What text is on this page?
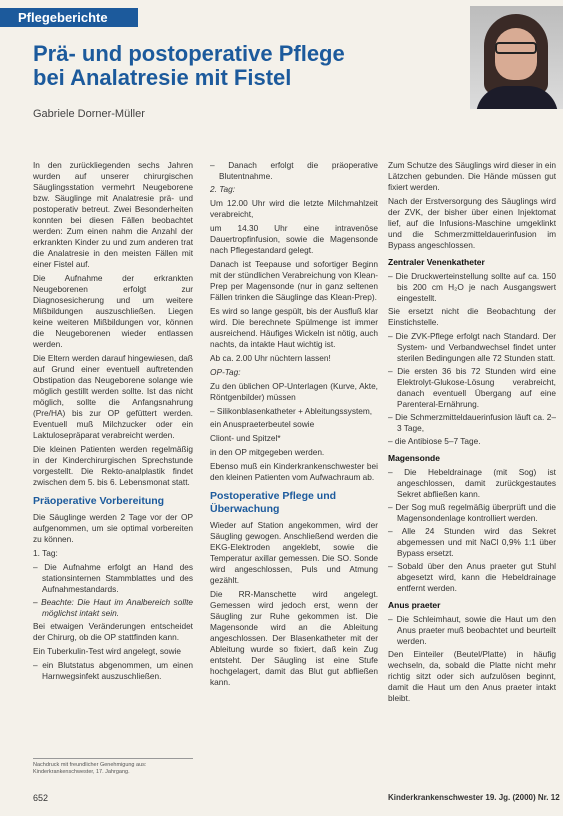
Pflegeberichte
Prä- und postoperative Pflege
bei Analatresie mit Fistel
Gabriele Dorner-Müller

In den zurückliegenden sechs Jahren wurden auf unserer chirurgischen Säuglingsstation vermehrt Neugeborene bzw. Säuglinge mit Analatresie prä- und postoperativ betreut. Zwei Besonderheiten konnten bei diesen Fällen beobachtet werden: Zum einen nahm die Anzahl der erkrankten Kinder zu und zum anderen trat die Analatresie in den meisten Fällen mit einer Fistel auf.

Die Aufnahme der erkrankten Neugeborenen erfolgt zur Diagnosesicherung und um weitere Mißbildungen auszuschließen. Liegen keine weiteren Mißbildungen vor, können die Neugeborenen wieder entlassen werden.

Die Eltern werden darauf hingewiesen, daß auf Grund einer eventuell auftretenden Obstipation das Neugeborene solange wie möglich gestillt werden sollte. Ist das nicht möglich, sollte die Anfangsnahrung (Pre/HA) bis zur OP gefüttert werden. Eventuell muß Milchzucker oder ein Laktulosepräparat verabreicht werden.

Die kleinen Patienten werden regelmäßig in der Kinderchirurgischen Sprechstunde vorgestellt. Die Rekto-analplastik findet zwischen dem 5. bis 6. Lebensmonat statt.

Präoperative Vorbereitung

Die Säuglinge werden 2 Tage vor der OP aufgenommen, um sie optimal vorbereiten zu können.

1. Tag:

– Die Aufnahme erfolgt an Hand des stationsinternen Stammblattes und des Aufnahmestandards.

– Beachte: Die Haut im Analbereich sollte möglichst intakt sein.

Bei etwaigen Veränderungen entscheidet der Chirurg, ob die OP stattfinden kann.

Ein Tuberkulin-Test wird angelegt, sowie

– ein Blutstatus abgenommen, um einen Harnwegsinfekt auszuschließen.

Nachdruck mit freundlicher Genehmigung aus: Kinderkrankenschwester, 17. Jahrgang.

– Danach erfolgt die präoperative Blutentnahme.

2. Tag:

Um 12.00 Uhr wird die letzte Milchmahlzeit verabreicht,

um 14.30 Uhr eine intravenöse Dauertropfinfusion, sowie die Magensonde nach Pflegestandard gelegt.

Danach ist Teepause und sofortiger Beginn mit der stündlichen Verabreichung von Klean-Prep per Magensonde (nur in ganz seltenen Fällen trinken die Säuglinge das Klean-Prep).

Es wird so lange gespült, bis der Ausfluß klar wird. Die berechnete Spülmenge ist immer ausreichend. Häufiges Wickeln ist nötig, auch nachts, da intakte Haut wichtig ist.

Ab ca. 2.00 Uhr nüchtern lassen!

OP-Tag:

Zu den üblichen OP-Unterlagen (Kurve, Akte, Röntgenbilder) müssen

– Silikonblasenkatheter + Ableitungssystem,

ein Anuspraeterbeutel sowie

Cliont- und Spitzel*

in den OP mitgegeben werden.

Ebenso muß ein Kinderkrankenschwester bei den kleinen Patienten vom Aufwachraum ab.

Postoperative Pflege und Überwachung

Wieder auf Station angekommen, wird der Säugling gewogen. Anschließend werden die EKG-Elektroden angeklebt, sowie die Temperatur axillar gemessen. Die SO. Sonde wird angeschlossen, Puls und Atmung gezählt.

Die RR-Manschette wird angelegt. Gemessen wird jedoch erst, wenn der Säugling zur Ruhe gekommen ist. Die Magensonde wird an die Ableitung angeschlossen. Der Blasenkatheter mit der Ableitung wurde so fixiert, daß kein Zug entsteht. Der Säugling ist eine Stufe hochgelagert, damit das Blut gut abfließen kann.

Zum Schutze des Säuglings wird dieser in ein Lätzchen gebunden. Die Hände müssen gut fixiert werden.

Nach der Erstversorgung des Säuglings wird der ZVK, der bisher über einen Injektomat lief, auf die Infusions-Maschine umgeklinkt und die Schmerzmitteldauerinfusion im Bypass angeschlossen.

Zentraler Venenkatheter

– Die Druckwerteinstellung sollte auf ca. 150 bis 200 cm H₂O je nach Ausgangswert eingestellt.

Sie ersetzt nicht die Beobachtung der Einstichstelle.

– Die ZVK-Pflege erfolgt nach Standard. Der System- und Verbandwechsel findet unter sterilen Bedingungen alle 72 Stunden statt.

– Die ersten 36 bis 72 Stunden wird eine Elektrolyt-Glukose-Lösung verabreicht, danach eventuell Übergang auf eine Parenteral-Ernährung.

– Die Schmerzmitteldauerinfusion läuft ca. 2–3 Tage,

– die Antibiose 5–7 Tage.

Magensonde

– Die Hebeldrainage (mit Sog) ist angeschlossen, damit zurückgestautes Sekret abfließen kann.

– Der Sog muß regelmäßig überprüft und die Magensondenlage kontrolliert werden.

– Alle 24 Stunden wird das Sekret abgemessen und mit NaCl 0,9% 1:1 über Bypass ersetzt.

– Sobald über den Anus praeter gut Stuhl abgesetzt wird, kann die Hebeldrainage entfernt werden.

Anus praeter

– Die Schleimhaut, sowie die Haut um den Anus praeter muß beobachtet und beurteilt werden.

Den Einteiler (Beutel/Platte) in häufig wechseln, da, sobald die Platte nicht mehr richtig sitzt oder sich aufzulösen beginnt, damit die Haut um den Anus praeter intakt bleibt.

652	Kinderkrankenschwester 19. Jg. (2000) Nr. 12
